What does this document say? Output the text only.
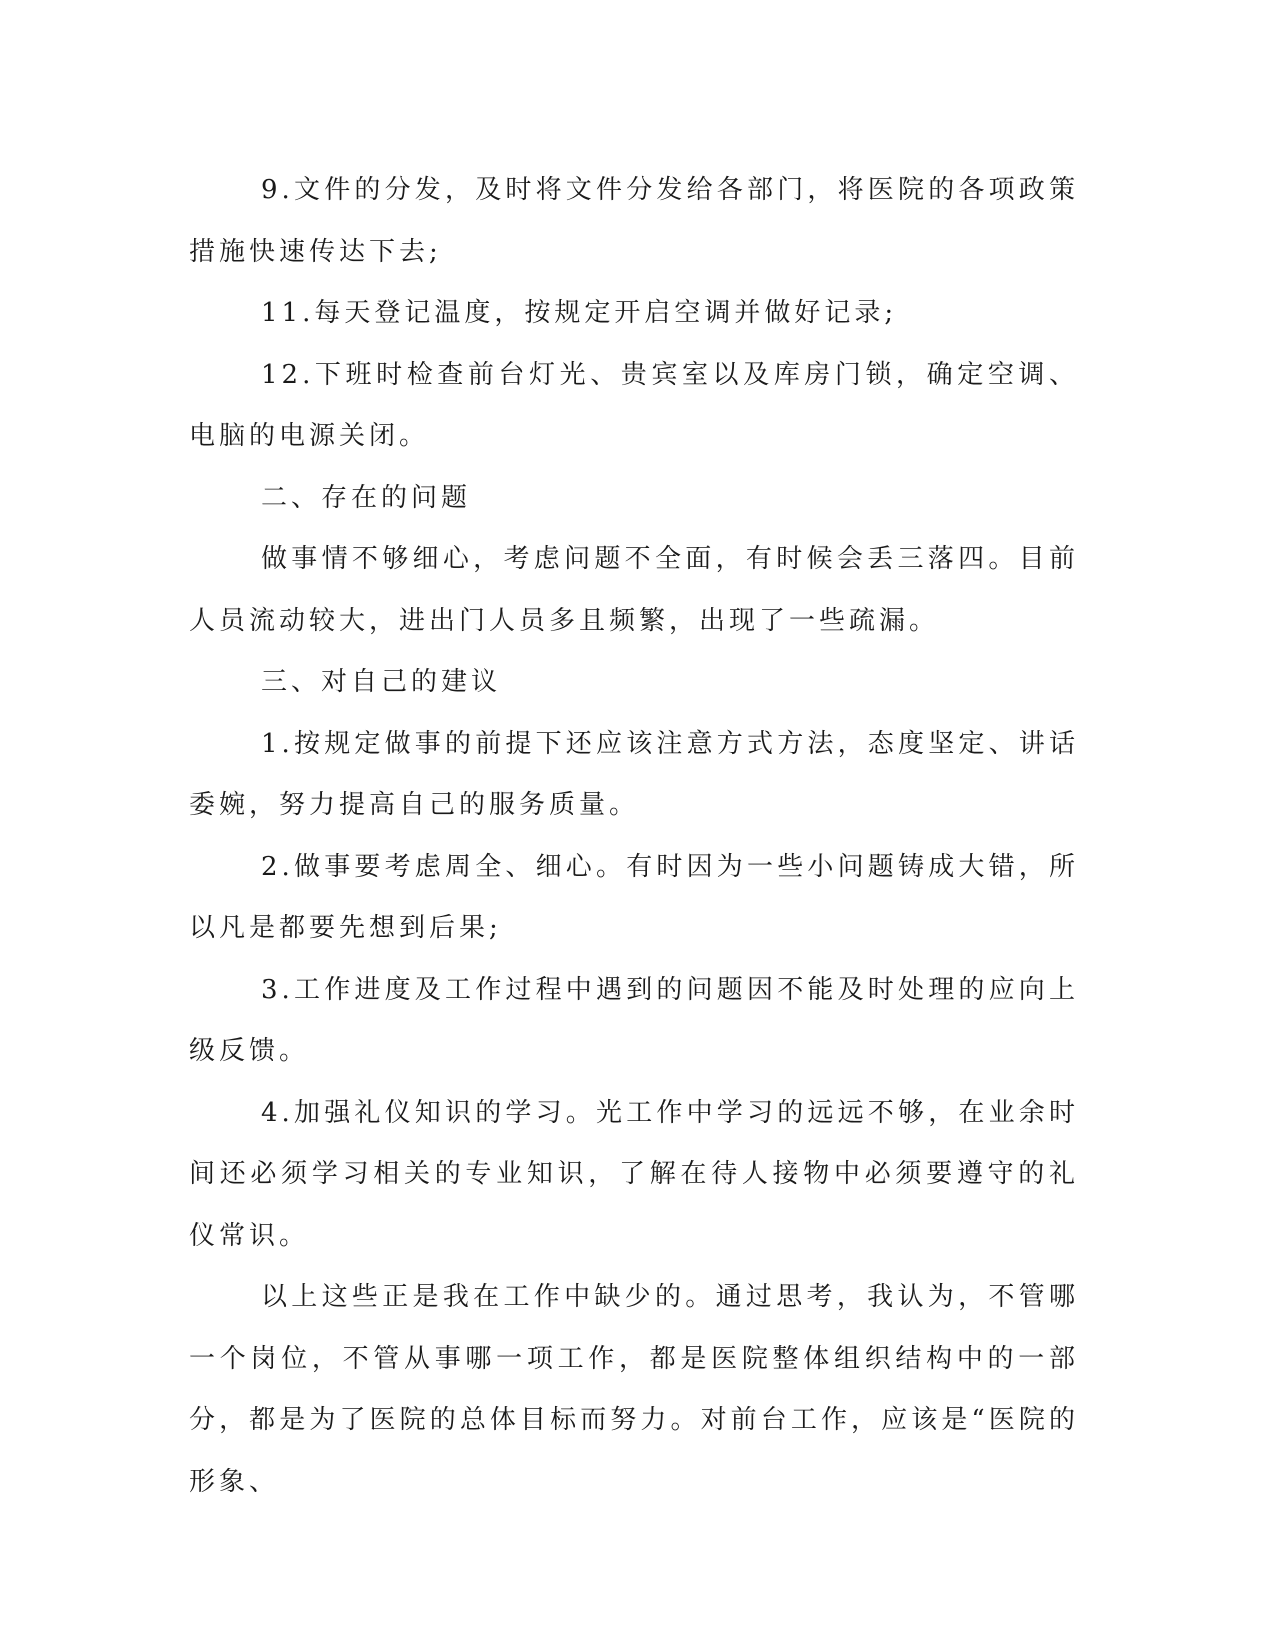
9.文件的分发，及时将文件分发给各部门，将医院的各项政策措施快速传达下去;

11.每天登记温度，按规定开启空调并做好记录;

12.下班时检查前台灯光、贵宾室以及库房门锁，确定空调、电脑的电源关闭。

二、存在的问题

做事情不够细心，考虑问题不全面，有时候会丢三落四。目前人员流动较大，进出门人员多且频繁，出现了一些疏漏。

三、对自己的建议

1.按规定做事的前提下还应该注意方式方法，态度坚定、讲话委婉，努力提高自己的服务质量。

2.做事要考虑周全、细心。有时因为一些小问题铸成大错，所以凡是都要先想到后果;

3.工作进度及工作过程中遇到的问题因不能及时处理的应向上级反馈。

4.加强礼仪知识的学习。光工作中学习的远远不够，在业余时间还必须学习相关的专业知识，了解在待人接物中必须要遵守的礼仪常识。

以上这些正是我在工作中缺少的。通过思考，我认为，不管哪一个岗位，不管从事哪一项工作，都是医院整体组织结构中的一部分，都是为了医院的总体目标而努力。对前台工作，应该是“医院的形象、
